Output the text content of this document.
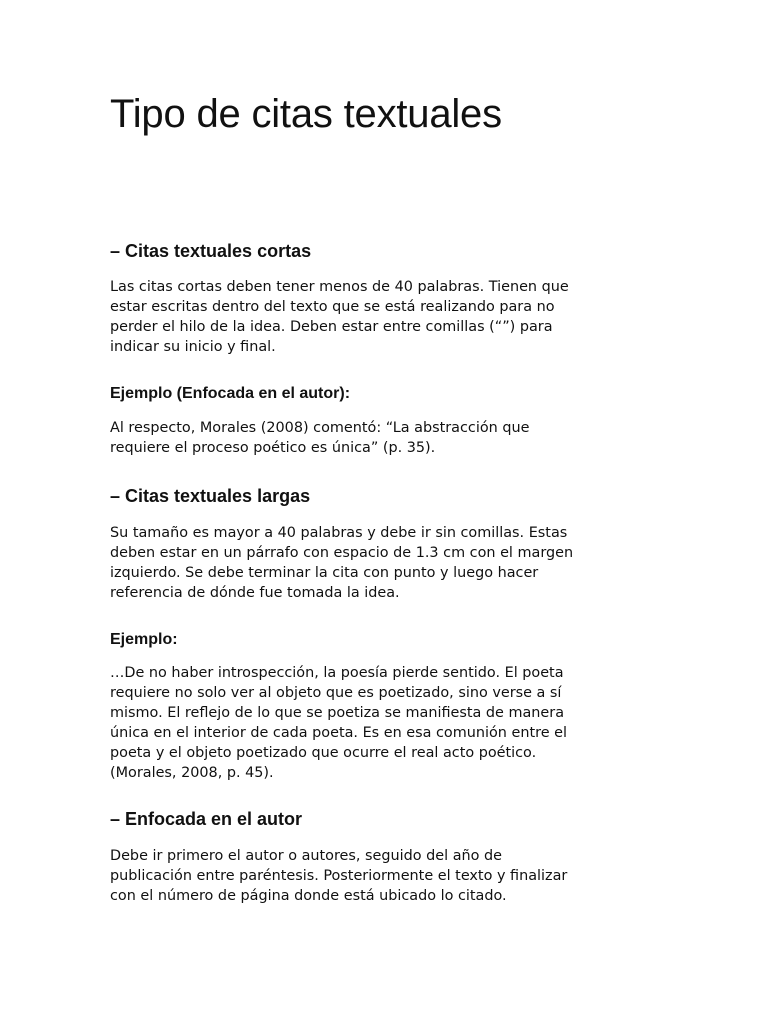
Tipo de citas textuales
– Citas textuales cortas

Las citas cortas deben tener menos de 40 palabras. Tienen que
estar escritas dentro del texto que se está realizando para no
perder el hilo de la idea. Deben estar entre comillas (“”) para
indicar su inicio y final.

Ejemplo (Enfocada en el autor):

Al respecto, Morales (2008) comentó: “La abstracción que
requiere el proceso poético es única” (p. 35).

– Citas textuales largas

Su tamaño es mayor a 40 palabras y debe ir sin comillas. Estas
deben estar en un párrafo con espacio de 1.3 cm con el margen
izquierdo. Se debe terminar la cita con punto y luego hacer
referencia de dónde fue tomada la idea.

Ejemplo:

…De no haber introspección, la poesía pierde sentido. El poeta
requiere no solo ver al objeto que es poetizado, sino verse a sí
mismo. El reflejo de lo que se poetiza se manifiesta de manera
única en el interior de cada poeta. Es en esa comunión entre el
poeta y el objeto poetizado que ocurre el real acto poético.
(Morales, 2008, p. 45).

– Enfocada en el autor

Debe ir primero el autor o autores, seguido del año de
publicación entre paréntesis. Posteriormente el texto y finalizar
con el número de página donde está ubicado lo citado.
